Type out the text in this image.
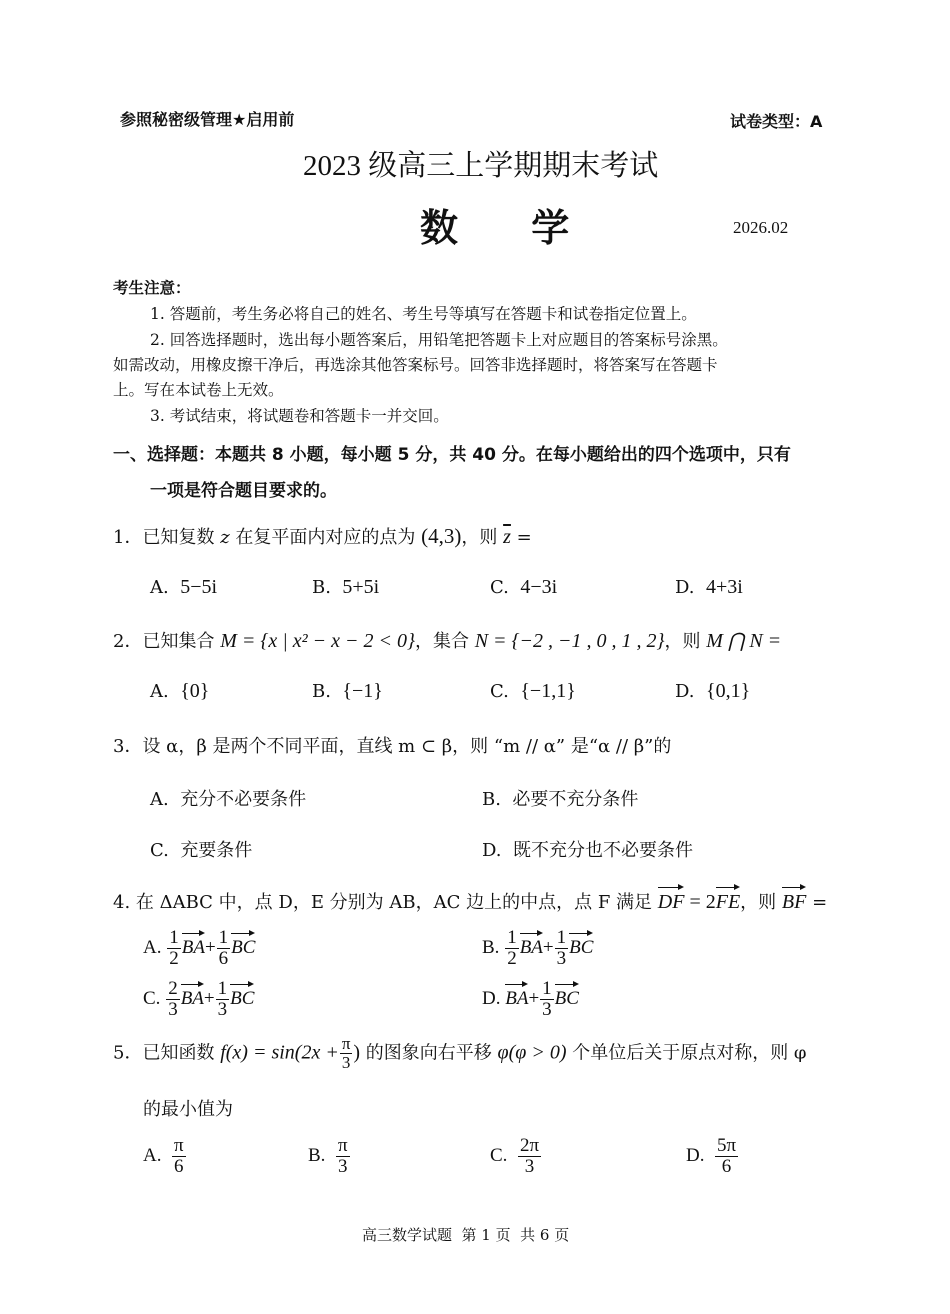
参照秘密级管理★启用前	试卷类型：A
2023 级高三上学期期末考试
数 学	2026.02
考生注意：
1. 答题前，考生务必将自己的姓名、考生号等填写在答题卡和试卷指定位置上。
2. 回答选择题时，选出每小题答案后，用铅笔把答题卡上对应题目的答案标号涂黑。
如需改动，用橡皮擦干净后，再选涂其他答案标号。回答非选择题时，将答案写在答题卡
上。写在本试卷上无效。
3. 考试结束，将试题卷和答题卡一并交回。
一、选择题：本题共 8 小题，每小题 5 分，共 40 分。在每小题给出的四个选项中，只有
一项是符合题目要求的。
1．已知复数 z 在复平面内对应的点为 (4,3)，则 $\overline{z}$ =
A. 5−5i	B. 5+5i	C. 4−3i	D. 4+3i
2．已知集合 M = {x | x² − x − 2 < 0}，集合 N = {−2 , −1 , 0 , 1 , 2}，则 M ⋂ N =
A. {0}	B. {−1}	C. {−1,1}	D. {0,1}
3．设 α，β 是两个不同平面，直线 m ⊂ β，则 “m // α” 是“α // β”的
A. 充分不必要条件	B. 必要不充分条件
C. 充要条件	D. 既不充分也不必要条件
4. 在 ΔABC 中，点 D，E 分别为 AB，AC 边上的中点，点 F 满足 DF = 2FE，则 BF =
A. $\frac{1}{2} BA+ \frac{1}{6}$ BC	B. $\frac{1}{2} BA+ \frac{1}{3}$ BC
C. $\frac{2}{3} BA+ \frac{1}{3}$ BC	D. $BA+ \frac{1}{3}$ BC
5．已知函数 $f(x) = \sin(2x + \frac{\pi}{3}$ ) 的图象向右平移 φ(φ > 0) 个单位后关于原点对称，则 φ
的最小值为
A. $\frac{\pi}{6}$	B. $\frac{\pi}{3}$	C. $\frac{2\pi}{3}$	D. $\frac{5\pi}{6}$
高三数学试题  第 1 页  共 6 页
